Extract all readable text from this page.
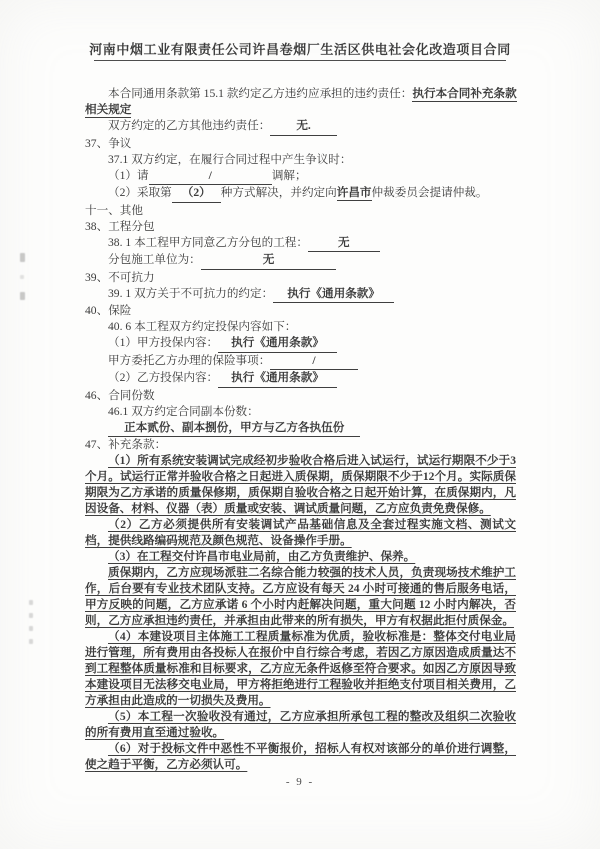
河南中烟工业有限责任公司许昌卷烟厂生活区供电社会化改造项目合同
本合同通用条款第 15.1 款约定乙方违约应承担的违约责任：执行本合同补充条款
相关规定
双方约定的乙方其他违约责任： 无.
37、争议
37.1 双方约定，在履行合同过程中产生争议时：
（1）请	/	调解；
（2）采取第 （2） 种方式解决，并约定向许昌市仲裁委员会提请仲裁。
十一、其他
38、工程分包
38. 1 本工程甲方同意乙方分包的工程：	无
分包施工单位为：	无
39、不可抗力
39. 1 双方关于不可抗力的约定： 执行《通用条款》
40、保险
40. 6 本工程双方约定投保内容如下：
（1）甲方投保内容： 执行《通用条款》
甲方委托乙方办理的保险事项：	/
（2）乙方投保内容： 执行《通用条款》
46、合同份数
46.1 双方约定合同副本份数：
正本贰份、副本捌份，甲方与乙方各执伍份
47、补充条款：
（1）所有系统安装调试完成经初步验收合格后进入试运行，试运行期限不少于3个月。试运行正常并验收合格之日起进入质保期，质保期限不少于12个月。实际质保期限为乙方承诺的质量保修期，质保期自验收合格之日起开始计算，在质保期内，凡因设备、材料、仪器（表）质量或安装、调试质量问题，乙方应负责免费保修。
（2）乙方必须提供所有安装调试产品基础信息及全套过程实施文档、测试文档，提供线路编码规范及颜色规范、设备操作手册。
（3）在工程交付许昌市电业局前，由乙方负责维护、保养。
质保期内，乙方应现场派驻二名综合能力较强的技术人员，负责现场技术维护工作，后台要有专业技术团队支持。乙方应设有每天 24 小时可接通的售后服务电话，甲方反映的问题，乙方应承诺 6 个小时内赶解决问题，重大问题 12 小时内解决，否则，乙方应承担违约责任，并承担由此带来的所有损失，甲方有权据此拒付质保金。
（4）本建设项目主体施工工程质量标准为优质，验收标准是：整体交付电业局进行管理，所有费用由各投标人在报价中自行综合考虑，若因乙方原因造成质量达不到工程整体质量标准和目标要求，乙方应无条件返修至符合要求。如因乙方原因导致本建设项目无法移交电业局，甲方将拒绝进行工程验收并拒绝支付项目相关费用，乙方承担由此造成的一切损失及费用。
（5）本工程一次验收没有通过，乙方应承担所承包工程的整改及组织二次验收的所有费用直至通过验收。
（6）对于投标文件中恶性不平衡报价，招标人有权对该部分的单价进行调整，使之趋于平衡，乙方必须认可。
- 9 -
